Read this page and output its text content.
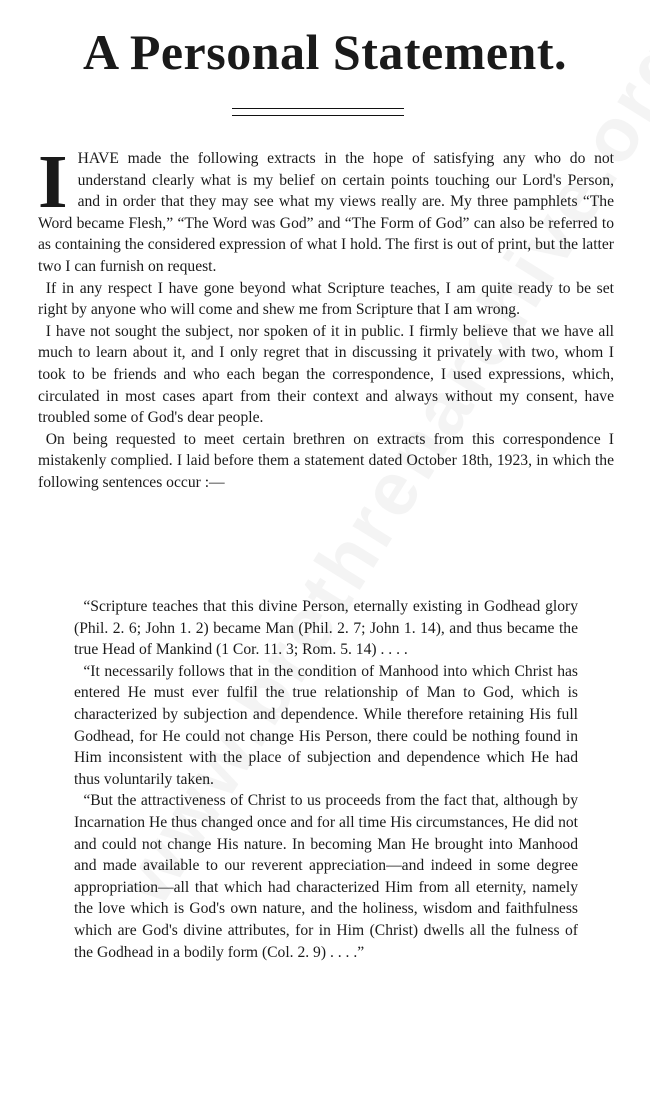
A Personal Statement.

IHAVE made the following extracts in the hope of satisfying any who do not understand clearly what is my belief on certain points touching our Lord's Person, and in order that they may see what my views really are. My three pamphlets “The Word became Flesh,” “The Word was God” and “The Form of God” can also be referred to as containing the considered expression of what I hold. The first is out of print, but the latter two I can furnish on request.

If in any respect I have gone beyond what Scripture teaches, I am quite ready to be set right by anyone who will come and shew me from Scripture that I am wrong.

I have not sought the subject, nor spoken of it in public. I firmly believe that we have all much to learn about it, and I only regret that in discussing it privately with two, whom I took to be friends and who each began the correspondence, I used expressions, which, circulated in most cases apart from their context and always without my consent, have troubled some of God's dear people.

On being requested to meet certain brethren on extracts from this correspondence I mistakenly complied. I laid before them a statement dated October 18th, 1923, in which the following sentences occur :—

“Scripture teaches that this divine Person, eternally existing in Godhead glory (Phil. 2. 6; John 1. 2) became Man (Phil. 2. 7; John 1. 14), and thus became the true Head of Mankind (1 Cor. 11. 3; Rom. 5. 14) . . . .

“It necessarily follows that in the condition of Manhood into which Christ has entered He must ever fulfil the true relationship of Man to God, which is characterized by subjection and dependence. While therefore retaining His full Godhead, for He could not change His Person, there could be nothing found in Him inconsistent with the place of subjection and dependence which He had thus voluntarily taken.

“But the attractiveness of Christ to us proceeds from the fact that, although by Incarnation He thus changed once and for all time His circumstances, He did not and could not change His nature. In becoming Man He brought into Manhood and made available to our reverent appreciation—and indeed in some degree appropriation—all that which had characterized Him from all eternity, namely the love which is God's own nature, and the holiness, wisdom and faithfulness which are God's divine attributes, for in Him (Christ) dwells all the fulness of the Godhead in a bodily form (Col. 2. 9) . . . .”
